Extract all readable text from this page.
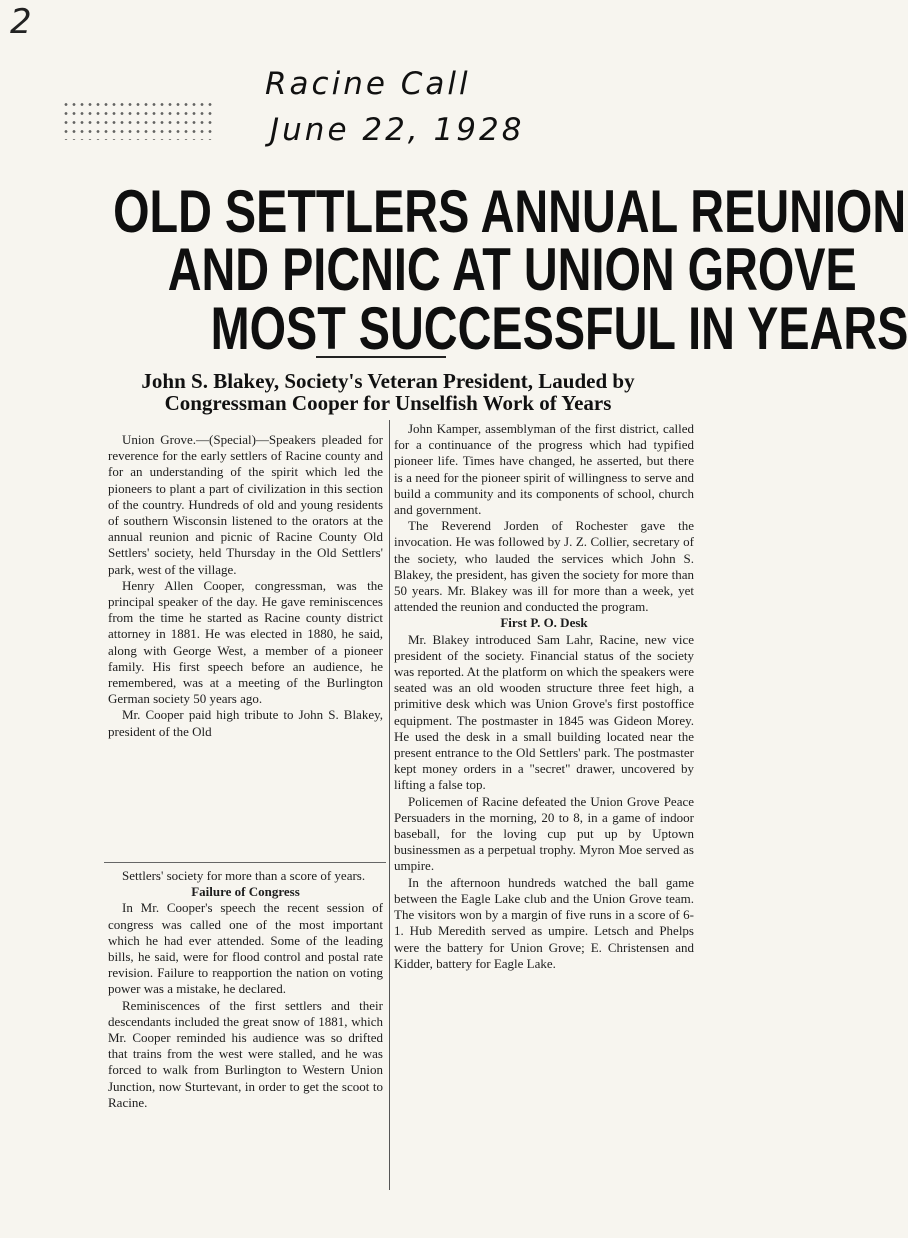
2
Racine Call
June 22, 1928
OLD SETTLERS ANNUAL REUNION
AND PICNIC AT UNION GROVE
MOST SUCCESSFUL IN YEARS
John S. Blakey, Society's Veteran President, Lauded by
Congressman Cooper for Unselfish Work of Years

Union Grove.—(Special)—Speakers pleaded for reverence for the early settlers of Racine county and for an understanding of the spirit which led the pioneers to plant a part of civilization in this section of the country. Hundreds of old and young residents of southern Wisconsin listened to the orators at the annual reunion and picnic of Racine County Old Settlers' society, held Thursday in the Old Settlers' park, west of the village.

Henry Allen Cooper, congressman, was the principal speaker of the day. He gave reminiscences from the time he started as Racine county district attorney in 1881. He was elected in 1880, he said, along with George West, a member of a pioneer family. His first speech before an audience, he remembered, was at a meeting of the Burlington German society 50 years ago.

Mr. Cooper paid high tribute to John S. Blakey, president of the Old

Settlers' society for more than a score of years.

Failure of Congress

In Mr. Cooper's speech the recent session of congress was called one of the most important which he had ever attended. Some of the leading bills, he said, were for flood control and postal rate revision. Failure to reapportion the nation on voting power was a mistake, he declared.

Reminiscences of the first settlers and their descendants included the great snow of 1881, which Mr. Cooper reminded his audience was so drifted that trains from the west were stalled, and he was forced to walk from Burlington to Western Union Junction, now Sturtevant, in order to get the scoot to Racine.

John Kamper, assemblyman of the first district, called for a continuance of the progress which had typified pioneer life. Times have changed, he asserted, but there is a need for the pioneer spirit of willingness to serve and build a community and its components of school, church and government.

The Reverend Jorden of Rochester gave the invocation. He was followed by J. Z. Collier, secretary of the society, who lauded the services which John S. Blakey, the president, has given the society for more than 50 years. Mr. Blakey was ill for more than a week, yet attended the reunion and conducted the program.

First P. O. Desk

Mr. Blakey introduced Sam Lahr, Racine, new vice president of the society. Financial status of the society was reported. At the platform on which the speakers were seated was an old wooden structure three feet high, a primitive desk which was Union Grove's first postoffice equipment. The postmaster in 1845 was Gideon Morey. He used the desk in a small building located near the present entrance to the Old Settlers' park. The postmaster kept money orders in a "secret" drawer, uncovered by lifting a false top.

Policemen of Racine defeated the Union Grove Peace Persuaders in the morning, 20 to 8, in a game of indoor baseball, for the loving cup put up by Uptown businessmen as a perpetual trophy. Myron Moe served as umpire.

In the afternoon hundreds watched the ball game between the Eagle Lake club and the Union Grove team. The visitors won by a margin of five runs in a score of 6-1. Hub Meredith served as umpire. Letsch and Phelps were the battery for Union Grove; E. Christensen and Kidder, battery for Eagle Lake.
